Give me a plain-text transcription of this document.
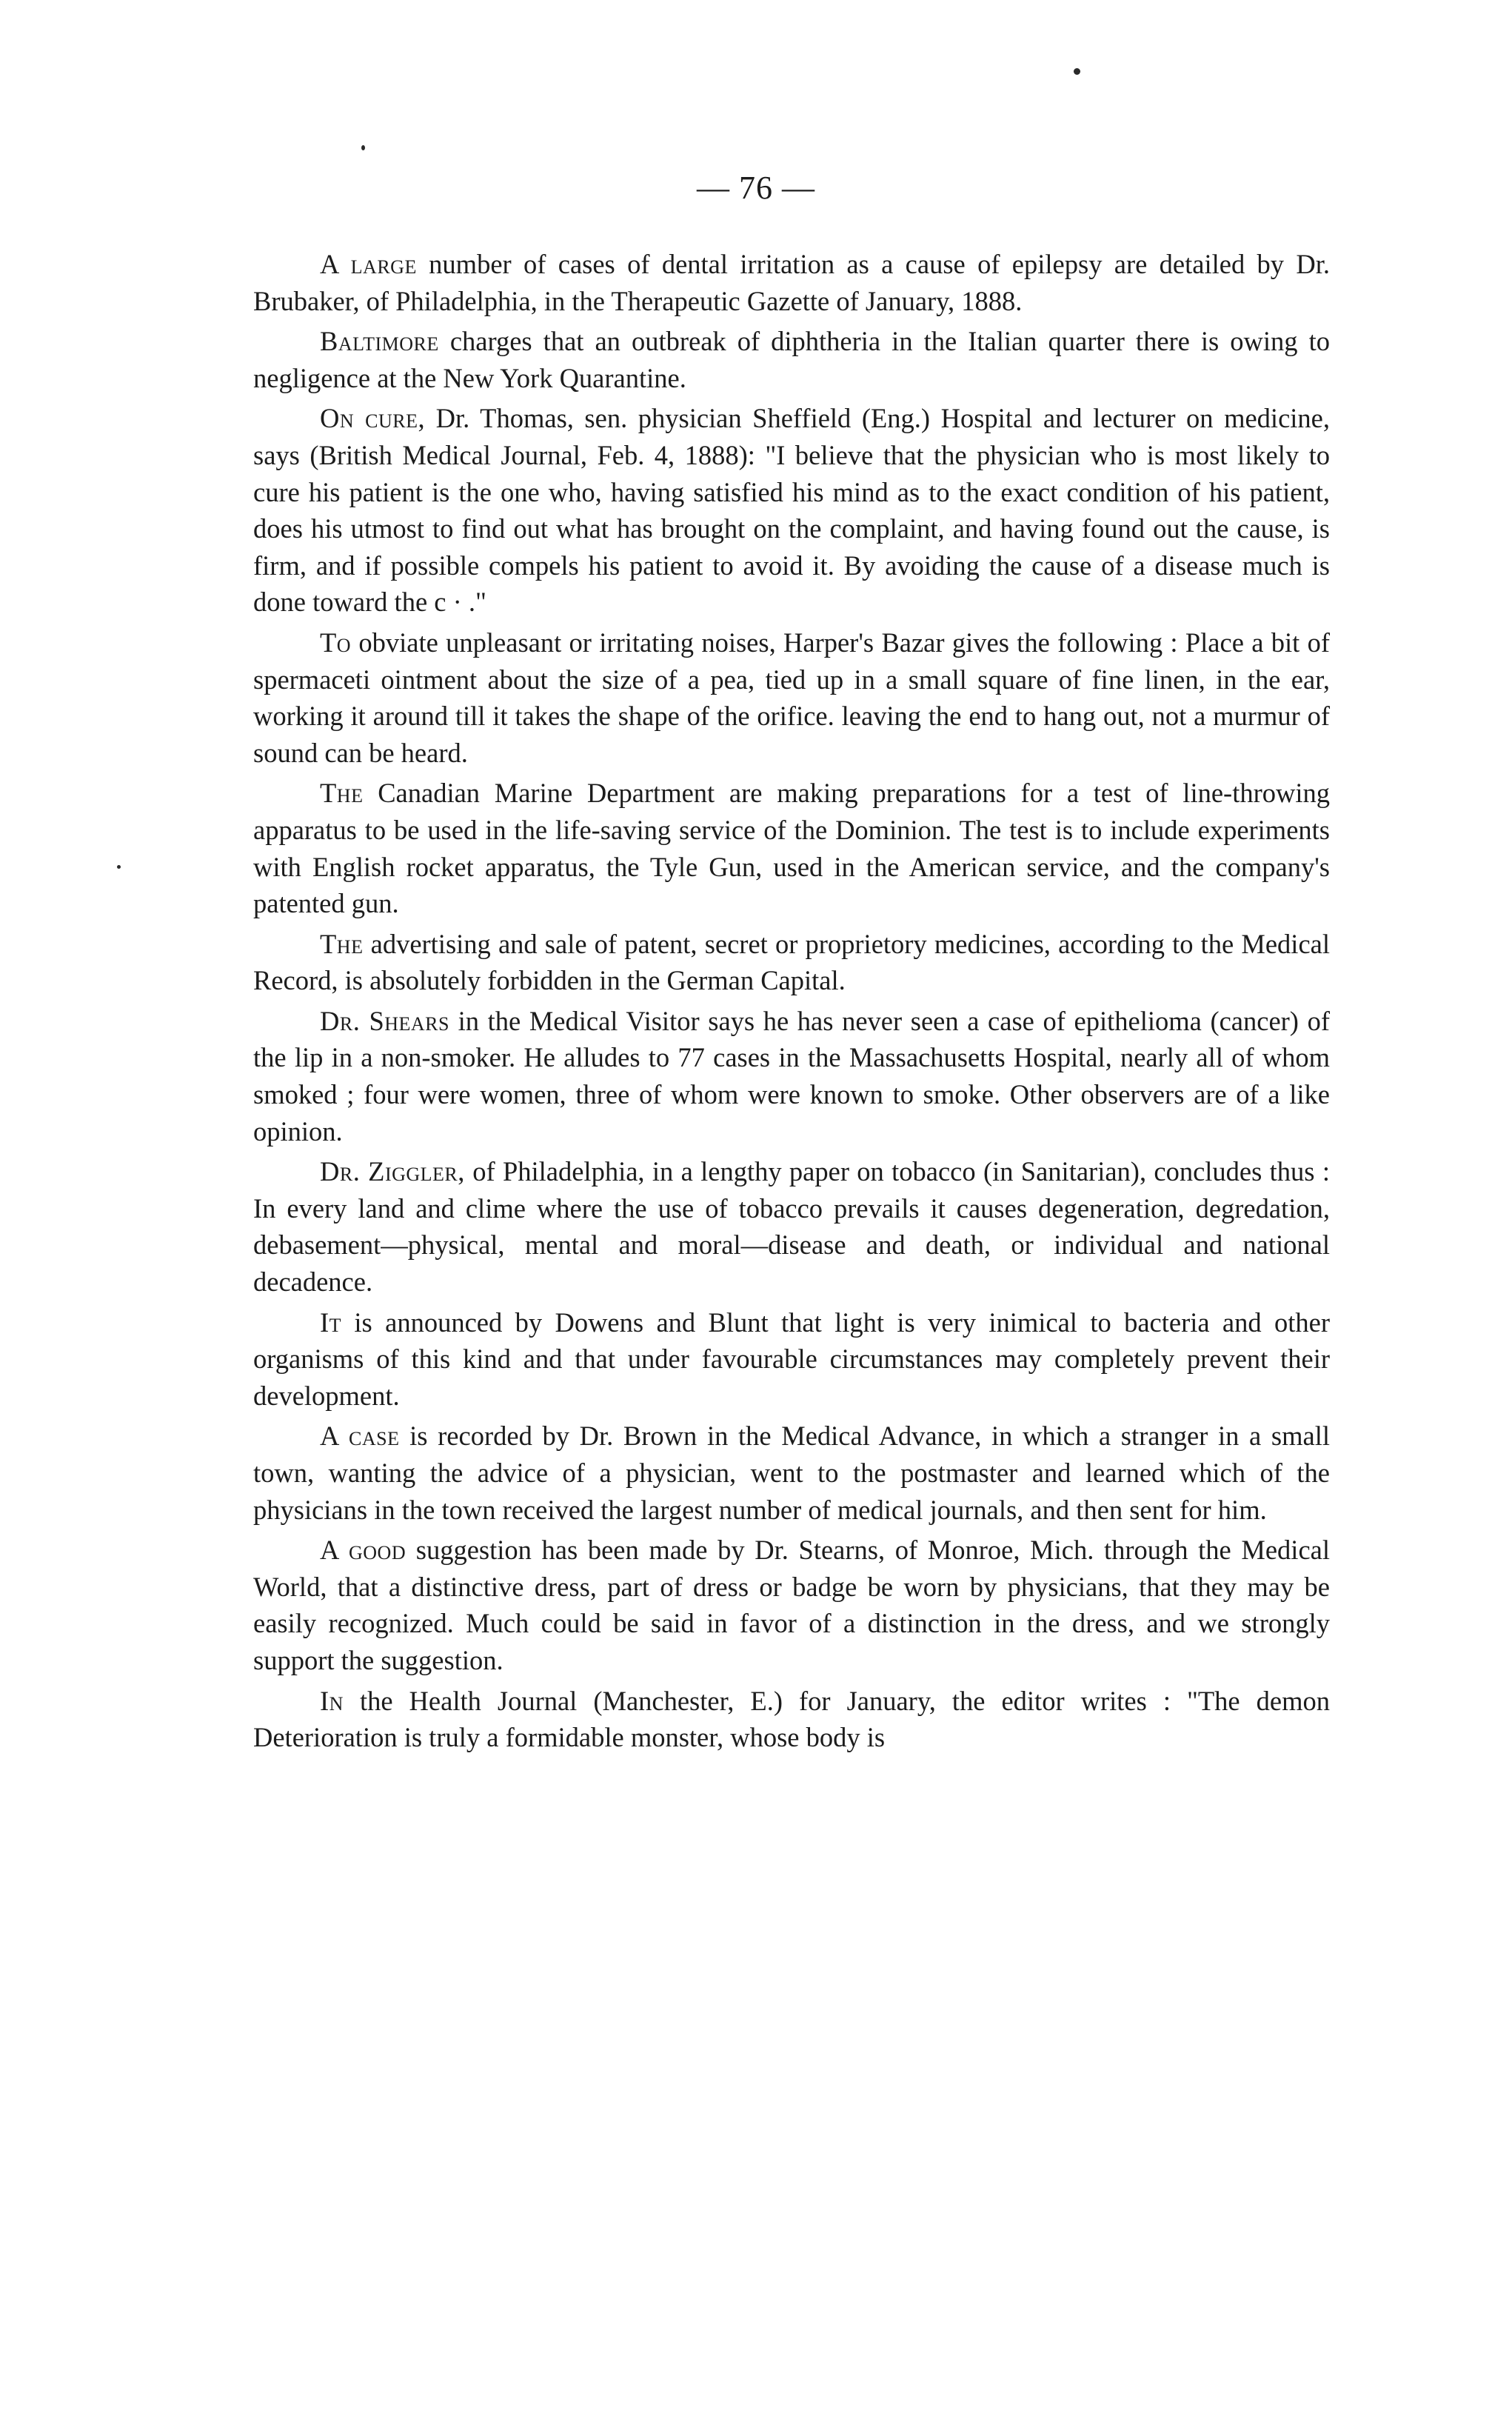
— 76 —

A large number of cases of dental irritation as a cause of epilepsy are detailed by Dr. Brubaker, of Philadelphia, in the Therapeutic Gazette of January, 1888.

Baltimore charges that an outbreak of diphtheria in the Italian quarter there is owing to negligence at the New York Quarantine.

On cure, Dr. Thomas, sen. physician Sheffield (Eng.) Hospital and lecturer on medicine, says (British Medical Journal, Feb. 4, 1888): "I believe that the physician who is most likely to cure his patient is the one who, having satisfied his mind as to the exact condition of his patient, does his utmost to find out what has brought on the complaint, and having found out the cause, is firm, and if possible compels his patient to avoid it. By avoiding the cause of a disease much is done toward the c · ."

To obviate unpleasant or irritating noises, Harper's Bazar gives the following : Place a bit of spermaceti ointment about the size of a pea, tied up in a small square of fine linen, in the ear, working it around till it takes the shape of the orifice. leaving the end to hang out, not a murmur of sound can be heard.

The Canadian Marine Department are making preparations for a test of line-throwing apparatus to be used in the life-saving service of the Dominion. The test is to include experiments with English rocket apparatus, the Tyle Gun, used in the American service, and the company's patented gun.

The advertising and sale of patent, secret or proprietory medicines, according to the Medical Record, is absolutely forbidden in the German Capital.

Dr. Shears in the Medical Visitor says he has never seen a case of epithelioma (cancer) of the lip in a non-smoker. He alludes to 77 cases in the Massachusetts Hospital, nearly all of whom smoked ; four were women, three of whom were known to smoke. Other observers are of a like opinion.

Dr. Ziggler, of Philadelphia, in a lengthy paper on tobacco (in Sanitarian), concludes thus : In every land and clime where the use of tobacco prevails it causes degeneration, degredation, debasement—physical, mental and moral—disease and death, or individual and national decadence.

It is announced by Dowens and Blunt that light is very inimical to bacteria and other organisms of this kind and that under favourable circumstances may completely prevent their development.

A case is recorded by Dr. Brown in the Medical Advance, in which a stranger in a small town, wanting the advice of a physician, went to the postmaster and learned which of the physicians in the town received the largest number of medical journals, and then sent for him.

A good suggestion has been made by Dr. Stearns, of Monroe, Mich. through the Medical World, that a distinctive dress, part of dress or badge be worn by physicians, that they may be easily recognized. Much could be said in favor of a distinction in the dress, and we strongly support the suggestion.

In the Health Journal (Manchester, E.) for January, the editor writes : "The demon Deterioration is truly a formidable monster, whose body is
